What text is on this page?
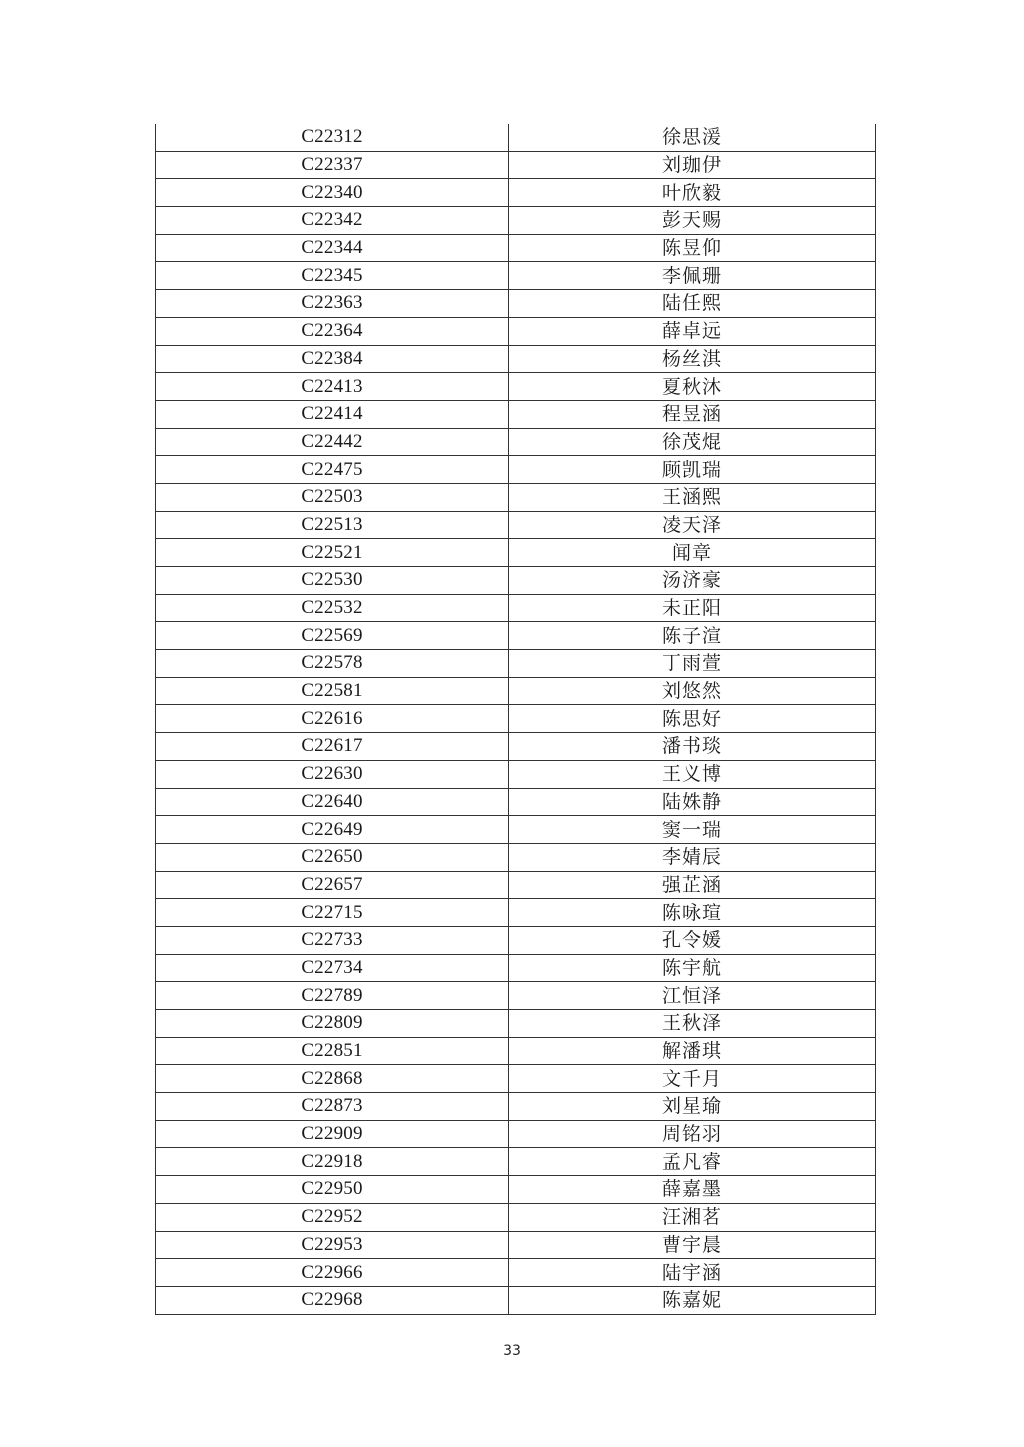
C22312	徐思湲
C22337	刘珈伊
C22340	叶欣毅
C22342	彭天赐
C22344	陈昱仰
C22345	李佩珊
C22363	陆任熙
C22364	薛卓远
C22384	杨丝淇
C22413	夏秋沐
C22414	程昱涵
C22442	徐茂焜
C22475	顾凯瑞
C22503	王涵熙
C22513	凌天泽
C22521	闻章
C22530	汤济豪
C22532	未正阳
C22569	陈子渲
C22578	丁雨萱
C22581	刘悠然
C22616	陈思好
C22617	潘书琰
C22630	王义博
C22640	陆姝静
C22649	窦一瑞
C22650	李婧辰
C22657	强芷涵
C22715	陈咏瑄
C22733	孔令媛
C22734	陈宇航
C22789	江恒泽
C22809	王秋泽
C22851	解潘琪
C22868	文千月
C22873	刘星瑜
C22909	周铭羽
C22918	孟凡睿
C22950	薛嘉墨
C22952	汪湘茗
C22953	曹宇晨
C22966	陆宇涵
C22968	陈嘉妮
33
